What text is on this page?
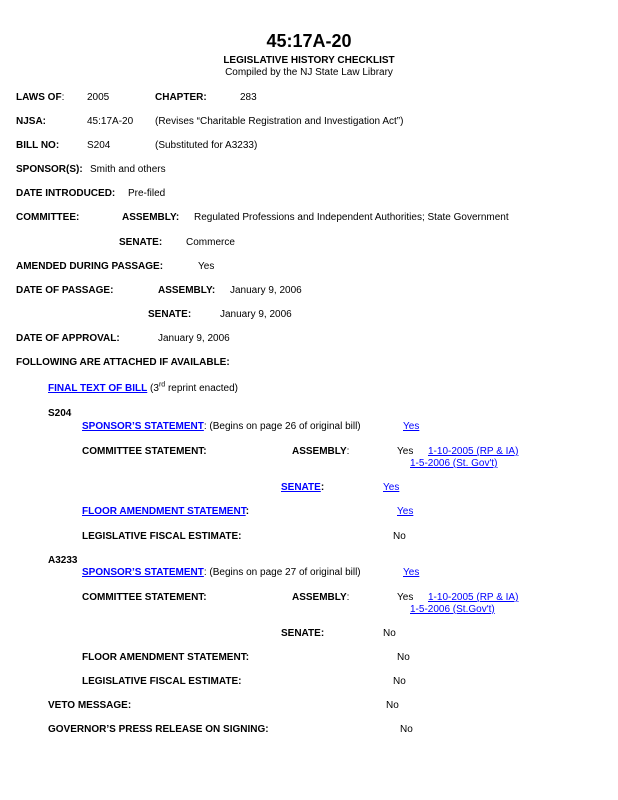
45:17A-20
LEGISLATIVE HISTORY CHECKLIST
Compiled by the NJ State Law Library
LAWS OF: 2005	CHAPTER:	283
NJSA:	45:17A-20 (Revises “Charitable Registration and Investigation Act”)
BILL NO:	S204	(Substituted for A3233)
SPONSOR(S): Smith and others
DATE INTRODUCED: Pre-filed
COMMITTEE:	ASSEMBLY: Regulated Professions and Independent Authorities; State Government
SENATE: Commerce
AMENDED DURING PASSAGE:	Yes
DATE OF PASSAGE:	ASSEMBLY: January 9, 2006
SENATE:	January 9, 2006
DATE OF APPROVAL:	January 9, 2006
FOLLOWING ARE ATTACHED IF AVAILABLE:
FINAL TEXT OF BILL (3rd reprint enacted)
S204
SPONSOR’S STATEMENT: (Begins on page 26 of original bill)	Yes
COMMITTEE STATEMENT:	ASSEMBLY:	Yes 1-10-2005 (RP & IA)
1-5-2006 (St. Gov't)
SENATE:	Yes
FLOOR AMENDMENT STATEMENT:	Yes
LEGISLATIVE FISCAL ESTIMATE:	No
A3233
SPONSOR’S STATEMENT: (Begins on page 27 of original bill)	Yes
COMMITTEE STATEMENT:	ASSEMBLY:	Yes 1-10-2005 (RP & IA)
1-5-2006 (St.Gov't)
SENATE:	No
FLOOR AMENDMENT STATEMENT:	No
LEGISLATIVE FISCAL ESTIMATE:	No
VETO MESSAGE:	No
GOVERNOR’S PRESS RELEASE ON SIGNING:	No
